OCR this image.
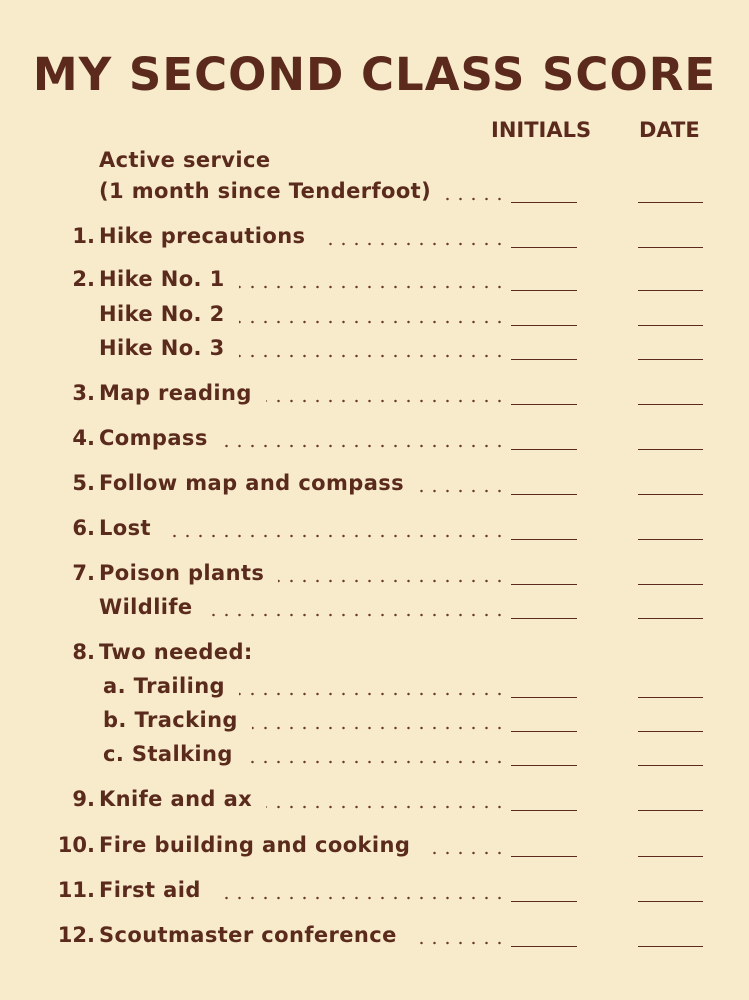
MY SECOND CLASS SCORE
INITIALS DATE
Active service
(1 month since Tenderfoot)
1. Hike precautions
2. Hike No. 1
Hike No. 2
Hike No. 3
3. Map reading
4. Compass
5. Follow map and compass
6. Lost
7. Poison plants
Wildlife
8. Two needed:
a. Trailing
b. Tracking
c. Stalking
9. Knife and ax
10. Fire building and cooking
11. First aid
12. Scoutmaster conference
